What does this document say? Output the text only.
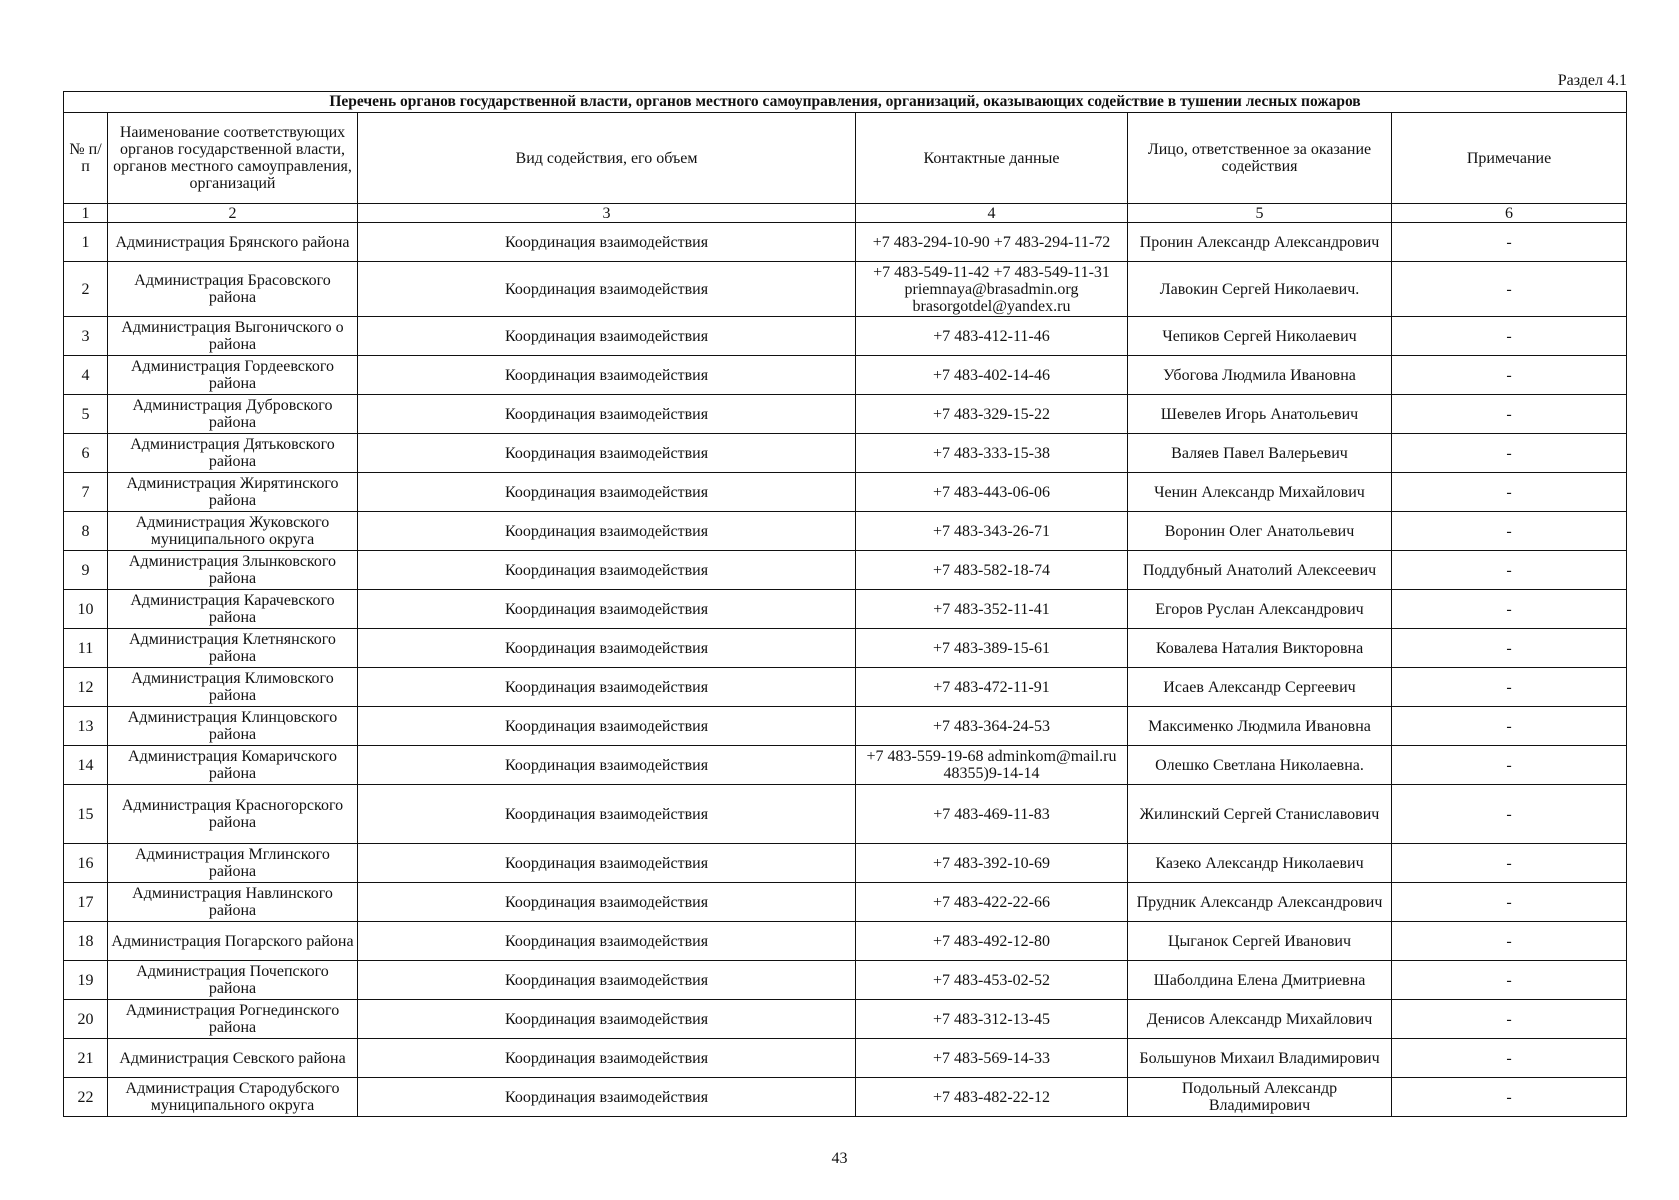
Раздел 4.1
Перечень органов государственной власти, органов местного самоуправления, организаций, оказывающих содействие в тушении лесных пожаров					
№ п/п	Наименование соответствующих органов государственной власти, органов местного самоуправления, организаций	Вид содействия, его объем	Контактные данные	Лицо, ответственное за оказание содействия	Примечание
1	2	3	4	5	6
1	Администрация Брянского района	Координация взаимодействия	+7 483-294-10-90 +7 483-294-11-72	Пронин Александр Александрович	-
2	Администрация Брасовского района	Координация взаимодействия	+7 483-549-11-42 +7 483-549-11-31 priemnaya@brasadmin.org brasorgotdel@yandex.ru	Лавокин Сергей Николаевич.	-
3	Администрация Выгоничского о района	Координация взаимодействия	+7 483-412-11-46	Чепиков Сергей Николаевич	-
4	Администрация Гордеевского района	Координация взаимодействия	+7 483-402-14-46	Убогова Людмила Ивановна	-
5	Администрация Дубровского района	Координация взаимодействия	+7 483-329-15-22	Шевелев Игорь Анатольевич	-
6	Администрация Дятьковского района	Координация взаимодействия	+7 483-333-15-38	Валяев Павел Валерьевич	-
7	Администрация Жирятинского района	Координация взаимодействия	+7 483-443-06-06	Ченин Александр Михайлович	-
8	Администрация Жуковского муниципального округа	Координация взаимодействия	+7 483-343-26-71	Воронин Олег Анатольевич	-
9	Администрация Злынковского района	Координация взаимодействия	+7 483-582-18-74	Поддубный Анатолий Алексеевич	-
10	Администрация Карачевского района	Координация взаимодействия	+7 483-352-11-41	Егоров Руслан Александрович	-
11	Администрация Клетнянского района	Координация взаимодействия	+7 483-389-15-61	Ковалева Наталия Викторовна	-
12	Администрация Климовского района	Координация взаимодействия	+7 483-472-11-91	Исаев Александр Сергеевич	-
13	Администрация Клинцовского района	Координация взаимодействия	+7 483-364-24-53	Максименко Людмила Ивановна	-
14	Администрация Комаричского района	Координация взаимодействия	+7 483-559-19-68 adminkom@mail.ru 48355)9-14-14	Олешко Светлана Николаевна.	-
15	Администрация Красногорского района	Координация взаимодействия	+7 483-469-11-83	Жилинский Сергей Станиславович	-
16	Администрация Мглинского района	Координация взаимодействия	+7 483-392-10-69	Казеко Александр Николаевич	-
17	Администрация Навлинского района	Координация взаимодействия	+7 483-422-22-66	Прудник Александр Александрович	-
18	Администрация Погарского района	Координация взаимодействия	+7 483-492-12-80	Цыганок Сергей Иванович	-
19	Администрация Почепского района	Координация взаимодействия	+7 483-453-02-52	Шаболдина Елена Дмитриевна	-
20	Администрация Рогнединского района	Координация взаимодействия	+7 483-312-13-45	Денисов Александр Михайлович	-
21	Администрация Севского района	Координация взаимодействия	+7 483-569-14-33	Большунов Михаил Владимирович	-
22	Администрация Стародубского муниципального округа	Координация взаимодействия	+7 483-482-22-12	Подольный Александр Владимирович	-
43
